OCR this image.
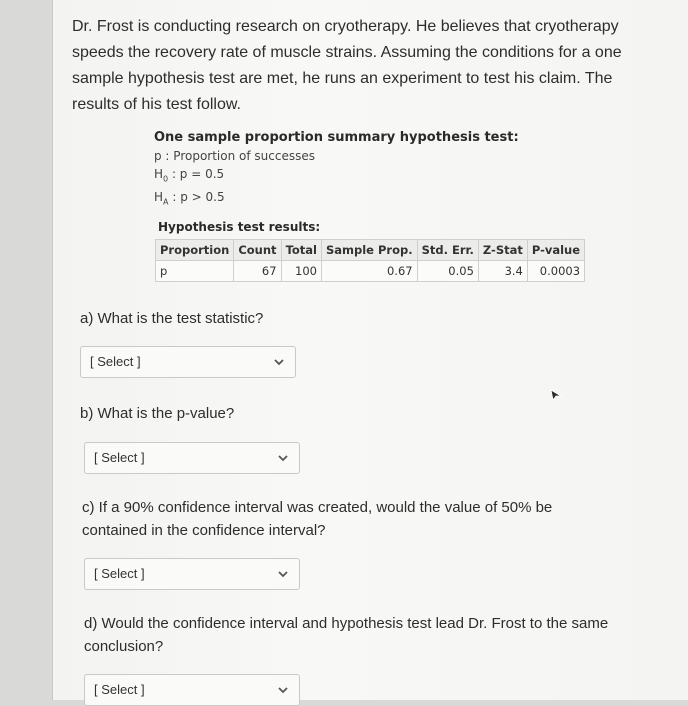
Dr. Frost is conducting research on cryotherapy. He believes that cryotherapy speeds the recovery rate of muscle strains. Assuming the conditions for a one sample hypothesis test are met, he runs an experiment to test his claim. The results of his test follow.
One sample proportion summary hypothesis test:
p : Proportion of successes
$H_0$ : p = 0.5
$H_A$ : p > 0.5
Hypothesis test results:
Proportion	Count	Total	Sample Prop.	Std. Err.	Z-Stat	P-value
p	67	100	0.67	0.05	3.4	0.0003
a) What is the test statistic?
[ Select ]
b) What is the p-value?
[ Select ]
c) If a 90% confidence interval was created, would the value of 50% be contained in the confidence interval?
[ Select ]
d) Would the confidence interval and hypothesis test lead Dr. Frost to the same conclusion?
[ Select ]
